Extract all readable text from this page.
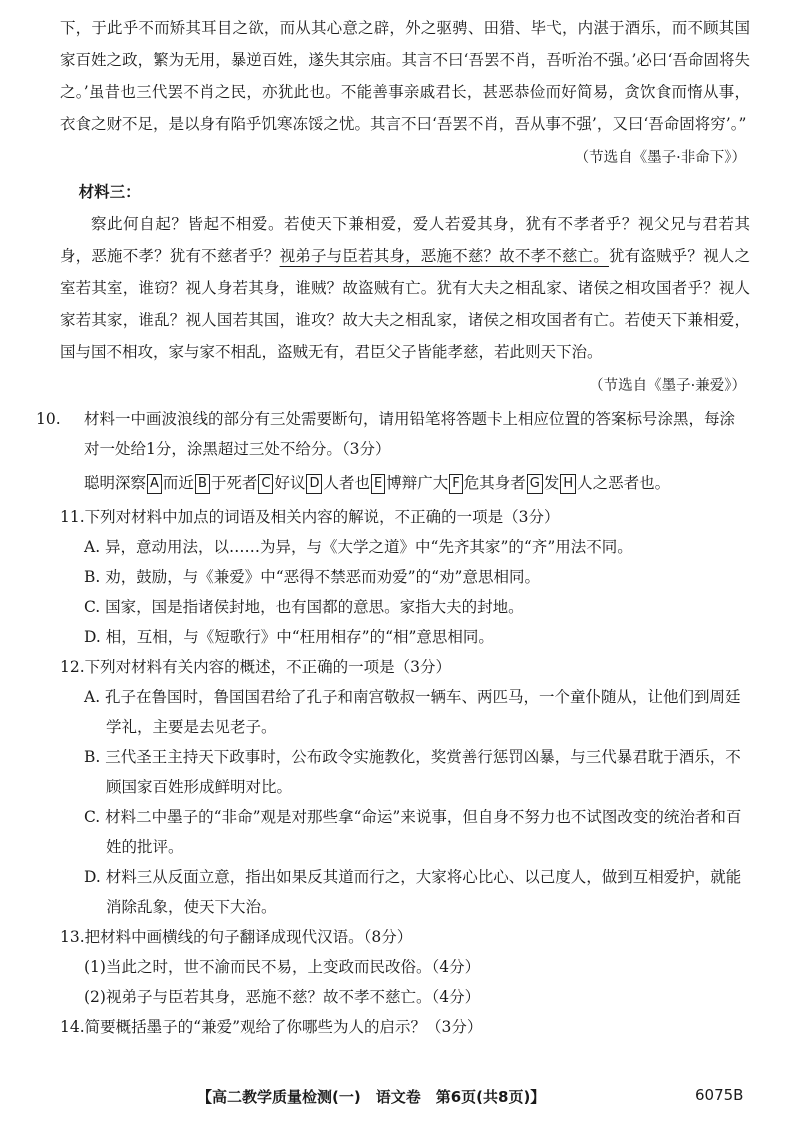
下，于此乎不而矫其耳目之欲，而从其心意之辟，外之驱骋、田猎、毕弋，内湛于酒乐，而不顾其国家百姓之政，繁为无用，暴逆百姓，遂失其宗庙。其言不曰‘吾罢不肖，吾听治不强。’必曰‘吾命固将失之。’虽昔也三代罢不肖之民，亦犹此也。不能善事亲戚君长，甚恶恭俭而好简易，贪饮食而惰从事，衣食之财不足，是以身有陷乎饥寒冻馁之忧。其言不曰‘吾罢不肖，吾从事不强’，又曰‘吾命固将穷’。”

（节选自《墨子·非命下》）

材料三：

察此何自起？皆起不相爱。若使天下兼相爱，爱人若爱其身，犹有不孝者乎？视父兄与君若其身，恶施不孝？犹有不慈者乎？视弟子与臣若其身，恶施不慈？故不孝不慈亡。犹有盗贼乎？视人之室若其室，谁窃？视人身若其身，谁贼？故盗贼有亡。犹有大夫之相乱家、诸侯之相攻国者乎？视人家若其家，谁乱？视人国若其国，谁攻？故大夫之相乱家，诸侯之相攻国者有亡。若使天下兼相爱，国与国不相攻，家与家不相乱，盗贼无有，君臣父子皆能孝慈，若此则天下治。

（节选自《墨子·兼爱》）

10. 材料一中画波浪线的部分有三处需要断句，请用铅笔将答题卡上相应位置的答案标号涂黑，每涂对一处给1分，涂黑超过三处不给分。（3分）

聪明深察 A 而近 B 于死者 C 好议 D 人者也 E 博辩广大 F 危其身者 G 发 H 人之恶者也。

11.下列对材料中加点的词语及相关内容的解说，不正确的一项是（3分）

A. 异，意动用法，以……为异，与《大学之道》中“先齐其家”的“齐”用法不同。

B. 劝，鼓励，与《兼爱》中“恶得不禁恶而劝爱”的“劝”意思相同。

C. 国家，国是指诸侯封地，也有国都的意思。家指大夫的封地。

D. 相，互相，与《短歌行》中“枉用相存”的“相”意思相同。

12.下列对材料有关内容的概述，不正确的一项是（3分）

A. 孔子在鲁国时，鲁国国君给了孔子和南宫敬叔一辆车、两匹马，一个童仆随从，让他们到周廷学礼，主要是去见老子。

B. 三代圣王主持天下政事时，公布政令实施教化，奖赏善行惩罚凶暴，与三代暴君耽于酒乐，不顾国家百姓形成鲜明对比。

C. 材料二中墨子的“非命”观是对那些拿“命运”来说事，但自身不努力也不试图改变的统治者和百姓的批评。

D. 材料三从反面立意，指出如果反其道而行之，大家将心比心、以己度人，做到互相爱护，就能消除乱象，使天下大治。

13.把材料中画横线的句子翻译成现代汉语。（8分）

(1)当此之时，世不渝而民不易，上变政而民改俗。（4分）

(2)视弟子与臣若其身，恶施不慈？故不孝不慈亡。（4分）

14.简要概括墨子的“兼爱”观给了你哪些为人的启示？（3分）

【高二教学质量检测(一)　语文卷　第6页(共8页)】	6075B
